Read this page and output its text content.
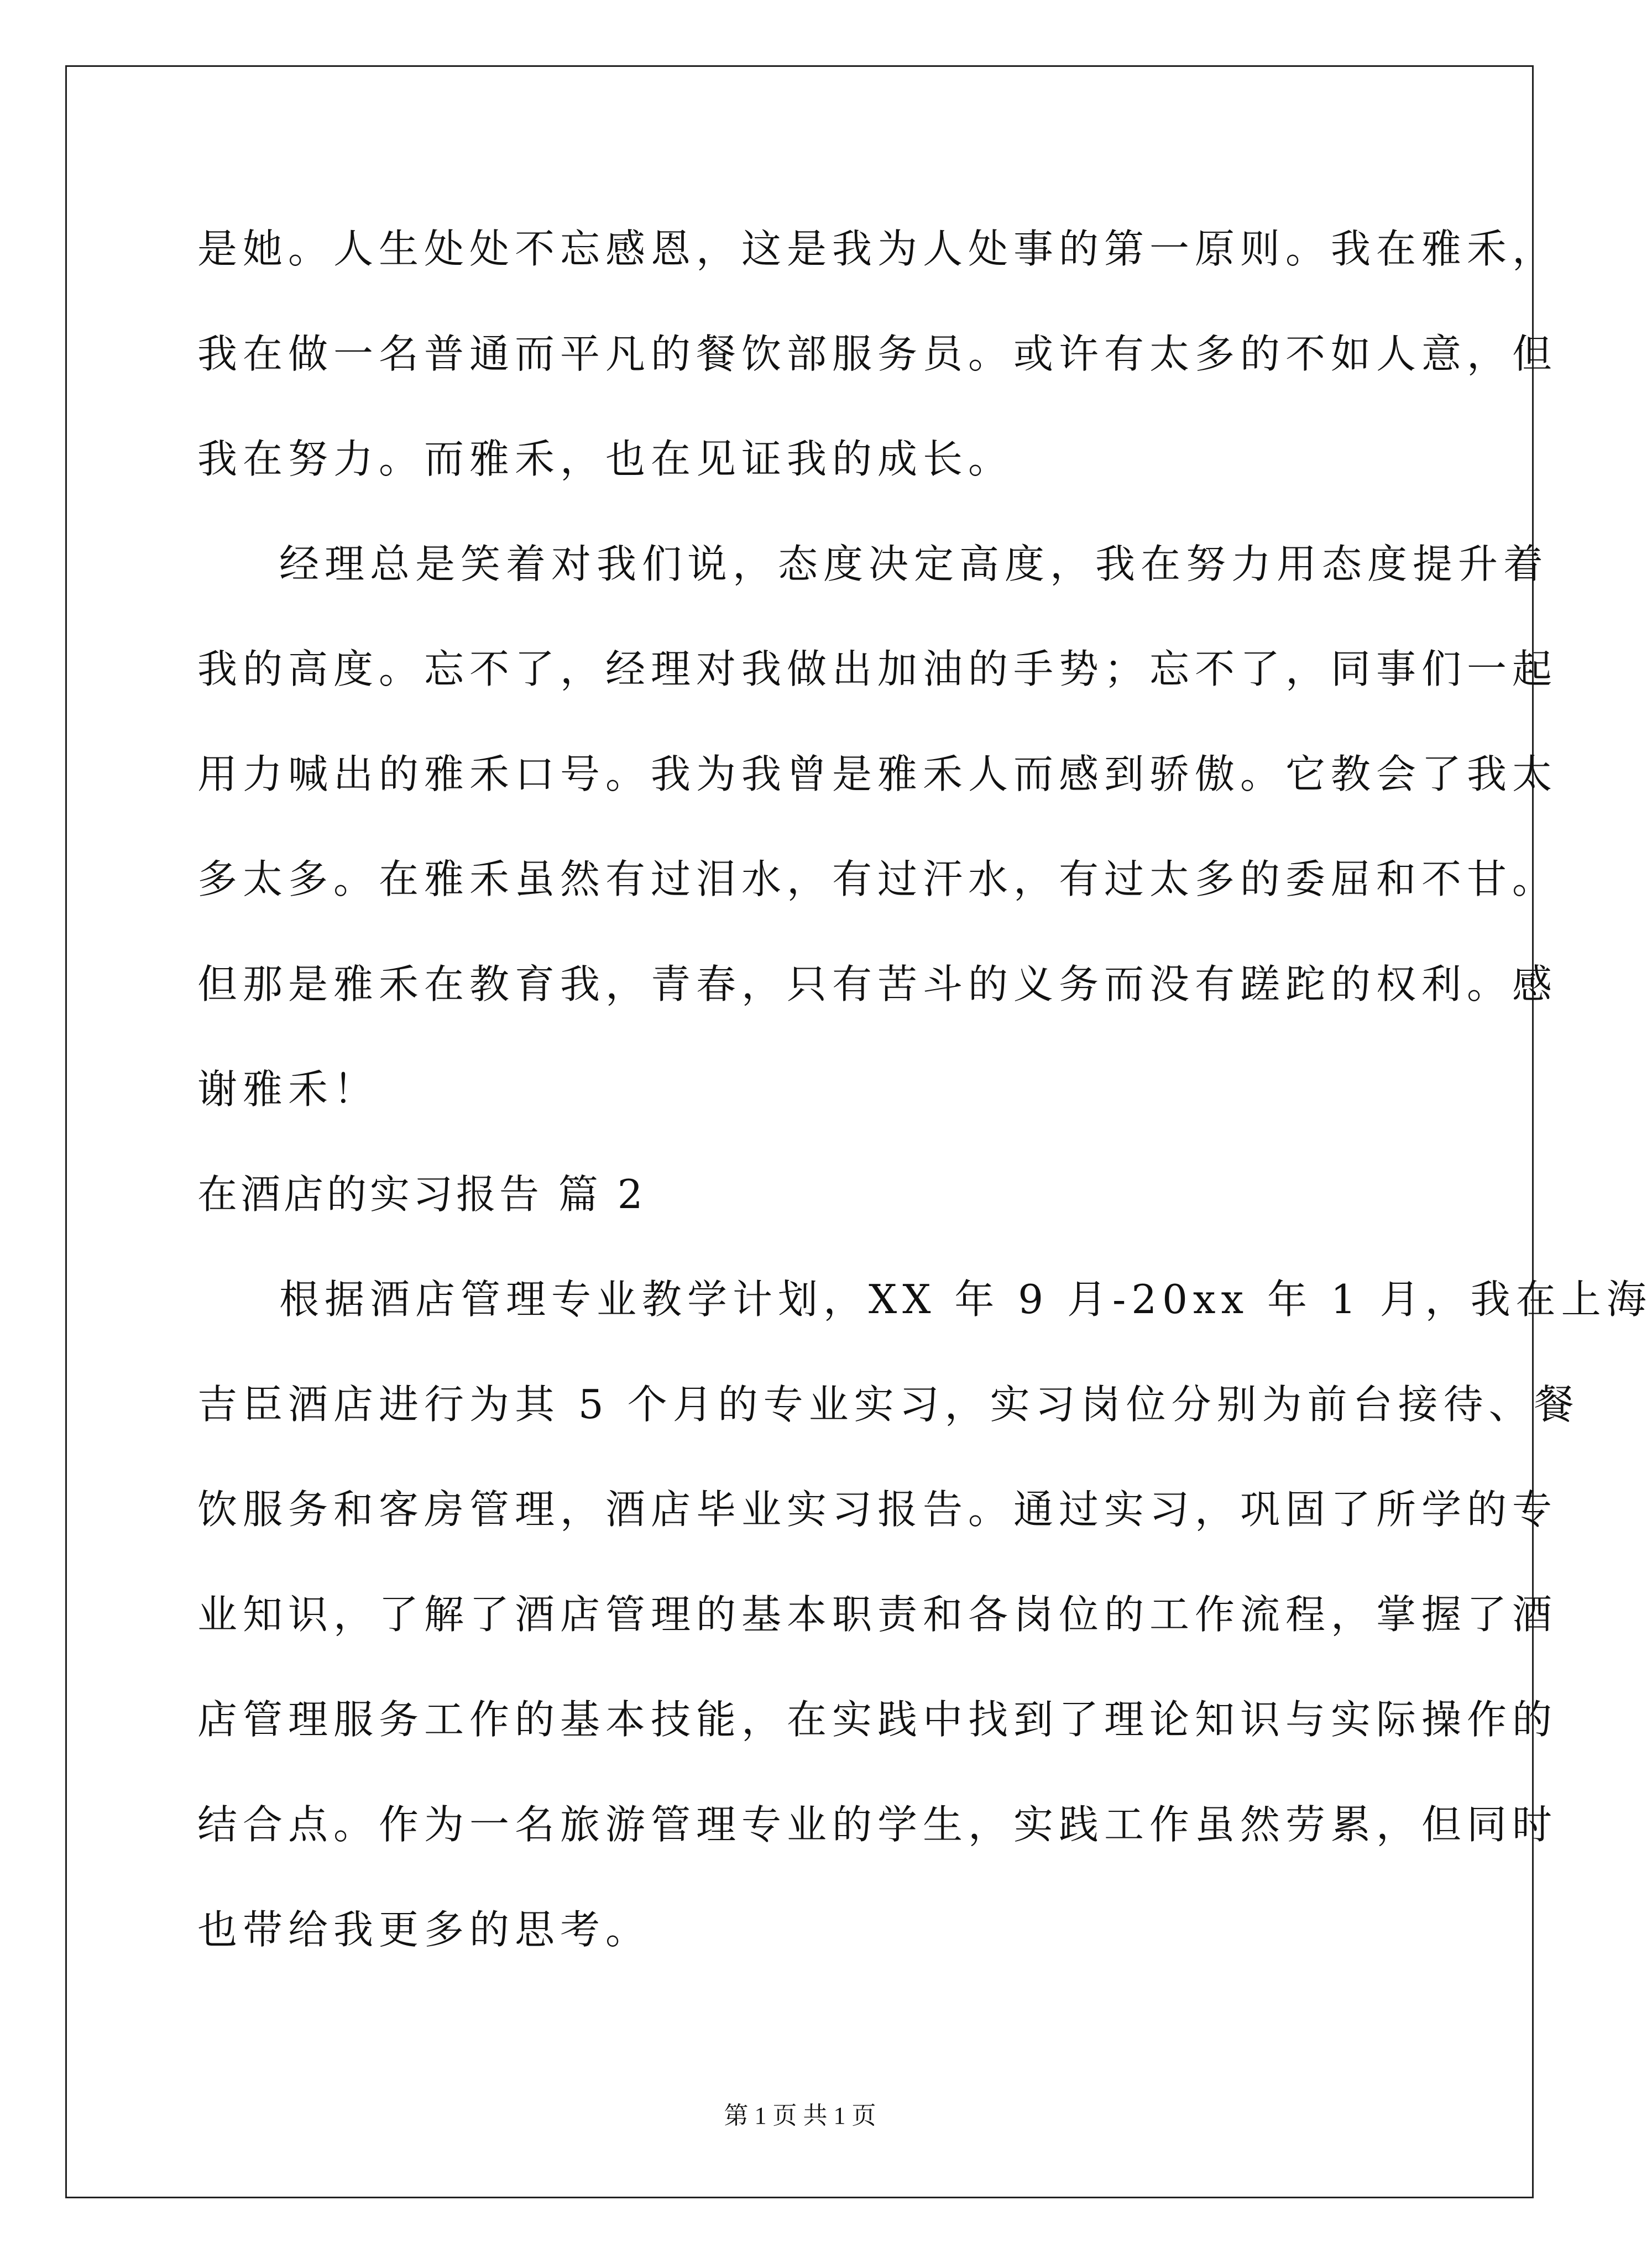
是她。人生处处不忘感恩，这是我为人处事的第一原则。我在雅禾，
我在做一名普通而平凡的餐饮部服务员。或许有太多的不如人意，但
我在努力。而雅禾，也在见证我的成长。
经理总是笑着对我们说，态度决定高度，我在努力用态度提升着
我的高度。忘不了，经理对我做出加油的手势；忘不了，同事们一起
用力喊出的雅禾口号。我为我曾是雅禾人而感到骄傲。它教会了我太
多太多。在雅禾虽然有过泪水，有过汗水，有过太多的委屈和不甘。
但那是雅禾在教育我，青春，只有苦斗的义务而没有蹉跎的权利。感
谢雅禾！
在酒店的实习报告 篇 2
根据酒店管理专业教学计划，XX 年 9 月-20xx 年 1 月，我在上海
吉臣酒店进行为其 5 个月的专业实习，实习岗位分别为前台接待、餐
饮服务和客房管理，酒店毕业实习报告。通过实习，巩固了所学的专
业知识，了解了酒店管理的基本职责和各岗位的工作流程，掌握了酒
店管理服务工作的基本技能，在实践中找到了理论知识与实际操作的
结合点。作为一名旅游管理专业的学生，实践工作虽然劳累，但同时
也带给我更多的思考。
第 1 页 共 1 页
